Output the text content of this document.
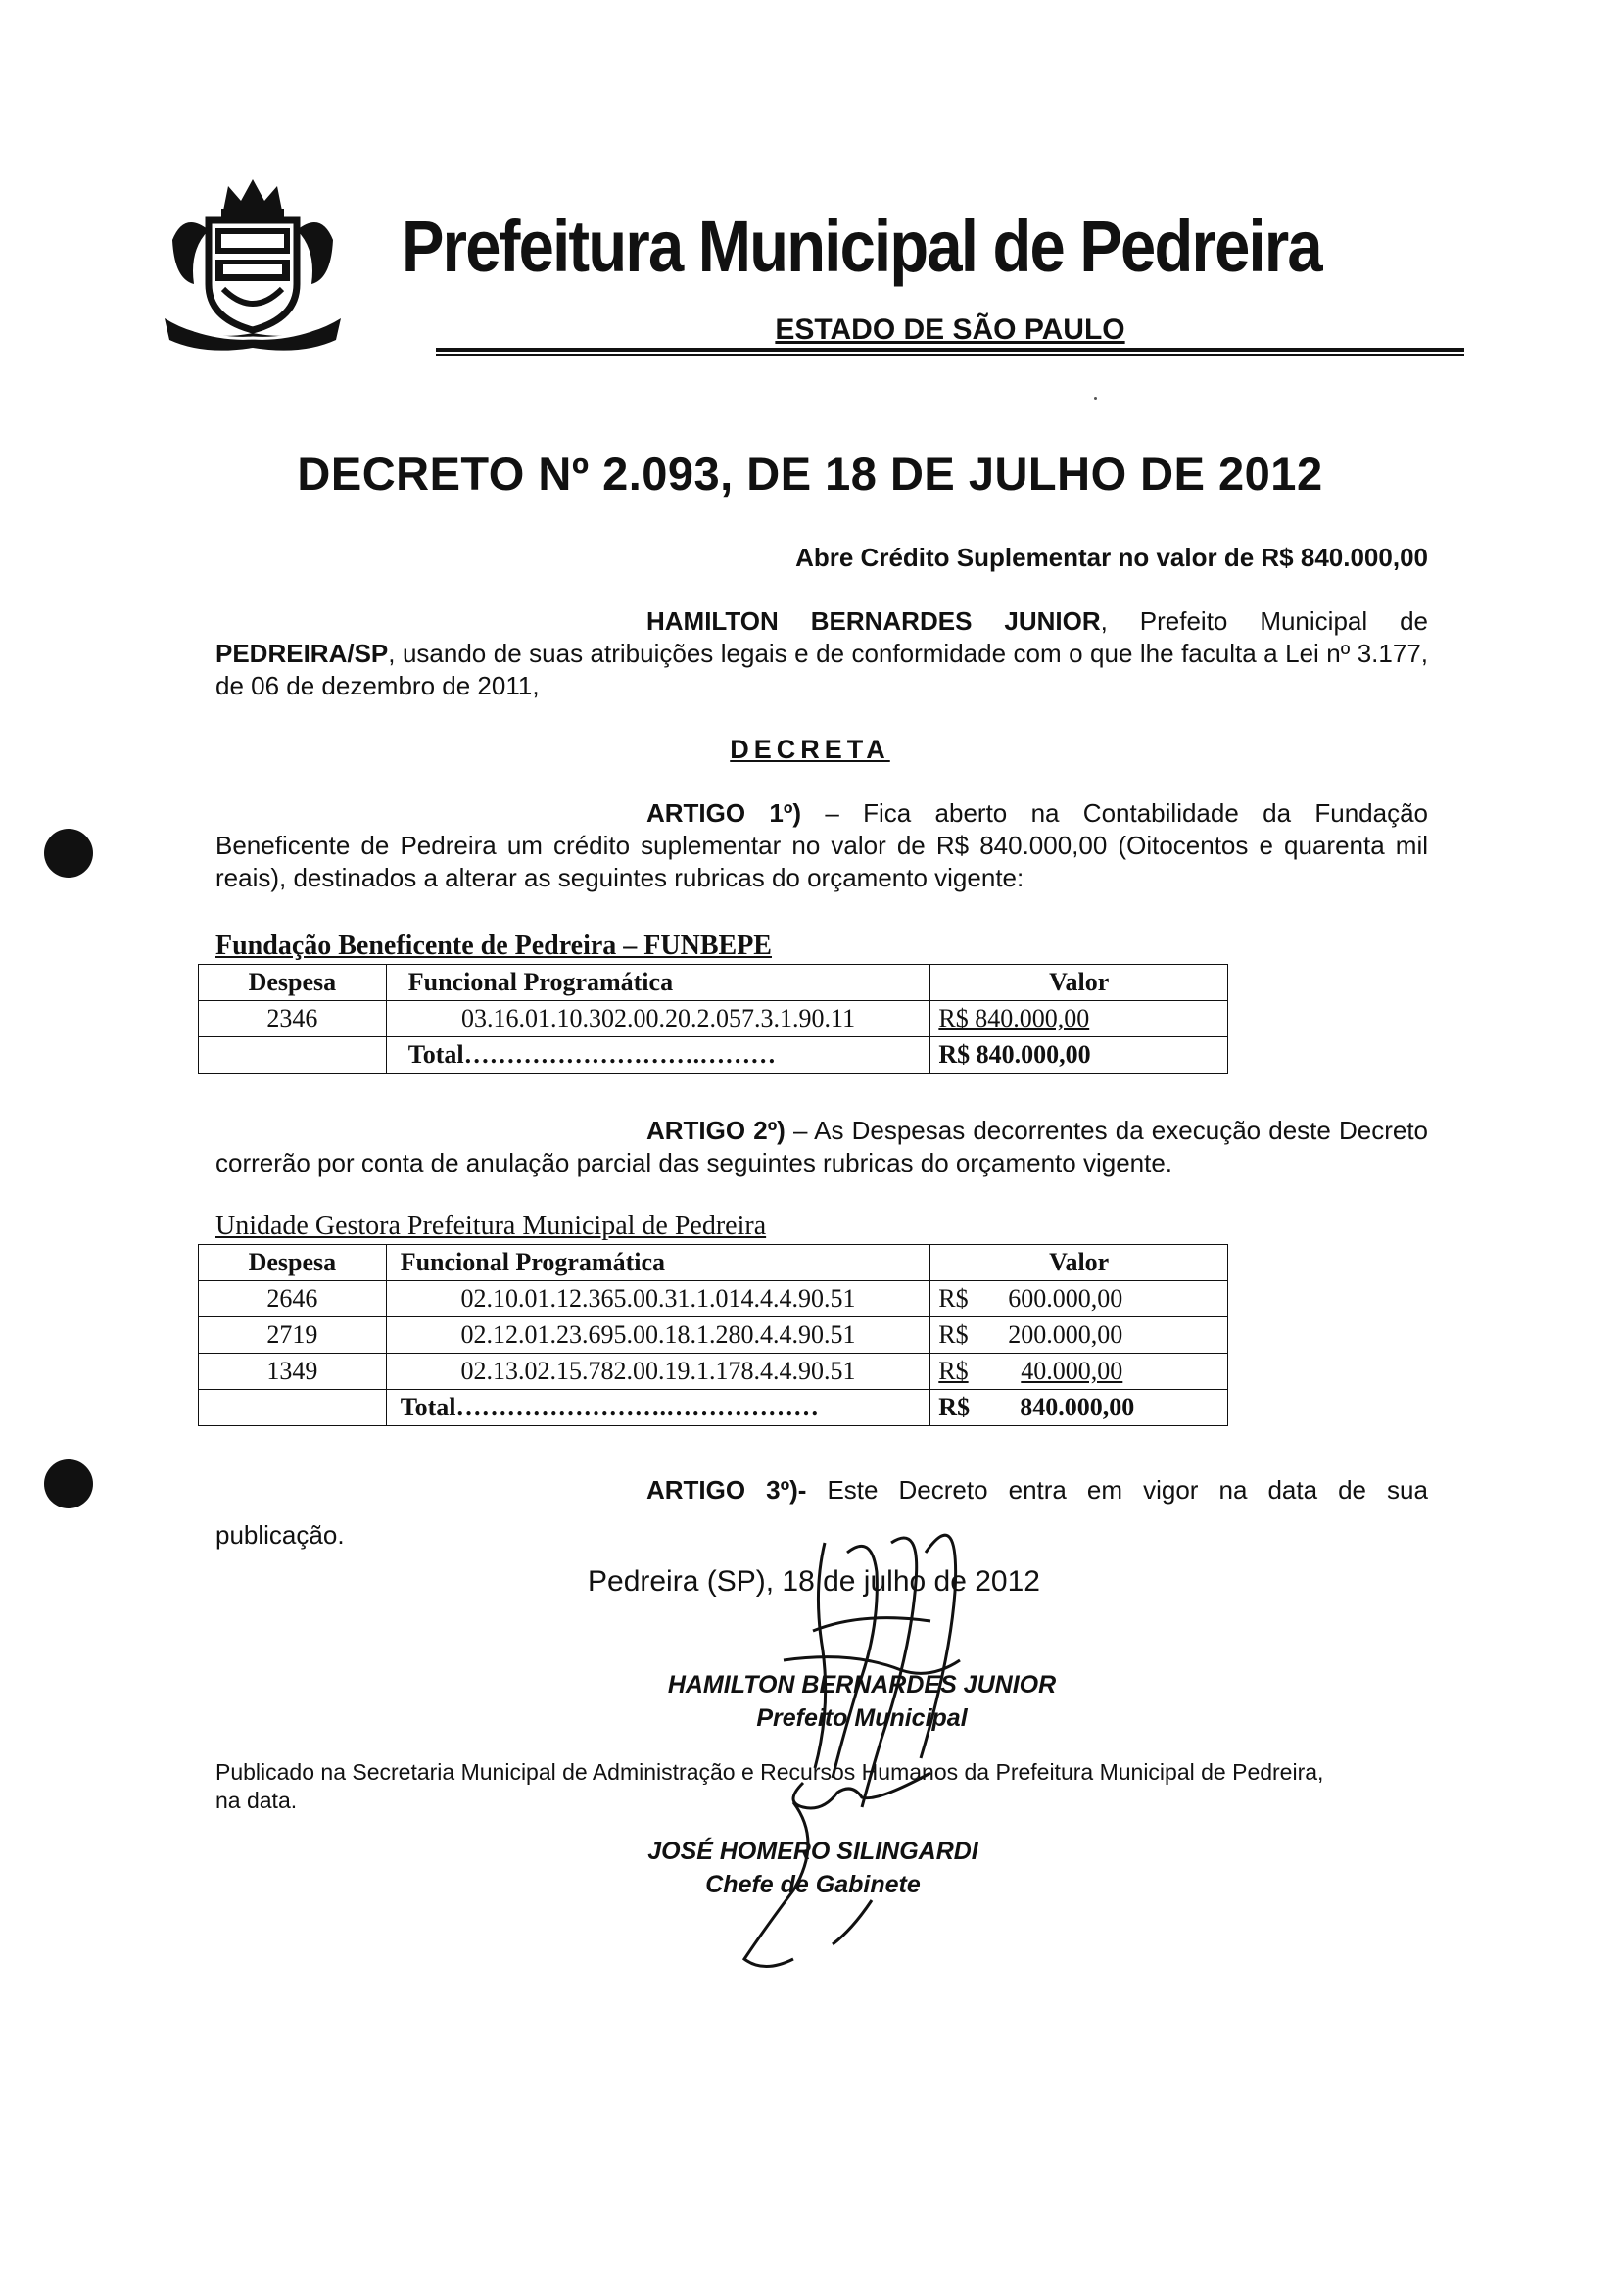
Prefeitura Municipal de Pedreira
ESTADO DE SÃO PAULO
DECRETO Nº 2.093, DE 18 DE JULHO DE 2012
Abre Crédito Suplementar no valor de R$ 840.000,00
HAMILTON BERNARDES JUNIOR, Prefeito Municipal de PEDREIRA/SP, usando de suas atribuições legais e de conformidade com o que lhe faculta a Lei nº 3.177, de 06 de dezembro de 2011,
DECRETA
ARTIGO 1º) – Fica aberto na Contabilidade da Fundação Beneficente de Pedreira um crédito suplementar no valor de R$ 840.000,00 (Oitocentos e quarenta mil reais), destinados a alterar as seguintes rubricas do orçamento vigente:
Fundação Beneficente de Pedreira – FUNBEPE
Despesa	Funcional Programática	Valor
2346	03.16.01.10.302.00.20.2.057.3.1.90.11	R$ 840.000,00
	Total……………………….………	R$ 840.000,00
ARTIGO 2º) – As Despesas decorrentes da execução deste Decreto correrão por conta de anulação parcial das seguintes rubricas do orçamento vigente.
Unidade Gestora Prefeitura Municipal de Pedreira
Despesa	Funcional Programática	Valor
2646	02.10.01.12.365.00.31.1.014.4.4.90.51	R$ 600.000,00

2719	02.12.01.23.695.00.18.1.280.4.4.90.51	R$ 200.000,00

1349	02.13.02.15.782.00.19.1.178.4.4.90.51	R$ 40.000,00

	Total…………………….………………	R$ 840.000,00
ARTIGO 3º)- Este Decreto entra em vigor na data de sua publicação.
Pedreira (SP), 18 de julho de 2012
HAMILTON BERNARDES JUNIOR
Prefeito Municipal
Publicado na Secretaria Municipal de Administração e Recursos Humanos da Prefeitura Municipal de Pedreira, na data.
JOSÉ HOMERO SILINGARDI
Chefe de Gabinete
